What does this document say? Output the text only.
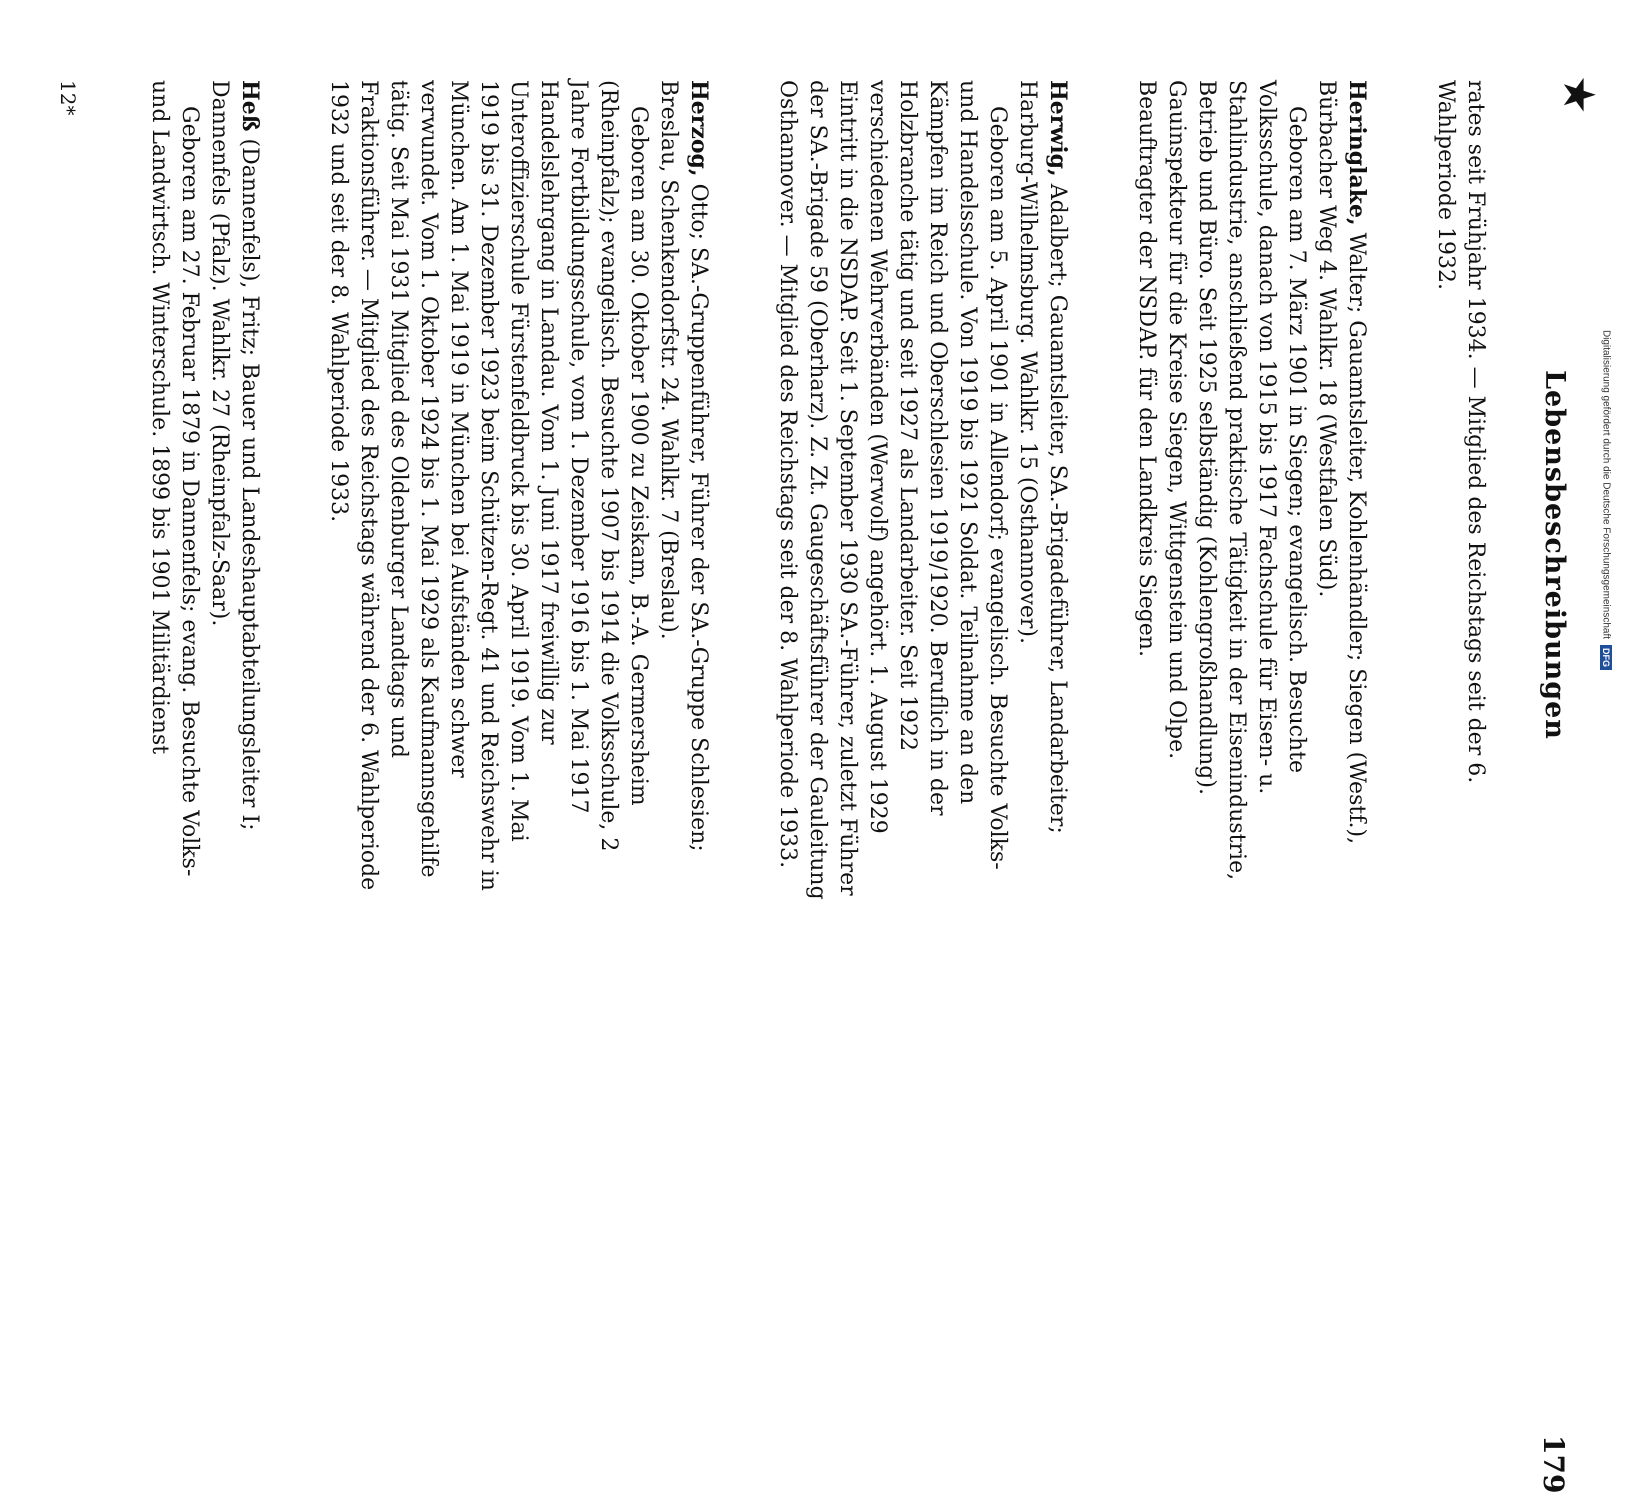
★
Lebensbeschreibungen
179

rates seit Frühjahr 1934. — Mitglied des Reichstags seit der 6. Wahlperiode 1932.

Heringlake, Walter; Gauamtsleiter, Kohlenhändler; Siegen (Westf.), Bürbacher Weg 4. Wahlkr. 18 (Westfalen Süd).

Geboren am 7. März 1901 in Siegen; evangelisch. Besuchte Volksschule, danach von 1915 bis 1917 Fachschule für Eisen- u. Stahlindustrie, anschließend praktische Tätigkeit in der Eisenindustrie, Betrieb und Büro. Seit 1925 selbständig (Kohlengroßhandlung). Gauinspekteur für die Kreise Siegen, Wittgenstein und Olpe. Beauftragter der NSDAP. für den Landkreis Siegen.

Herwig, Adalbert; Gauamtsleiter, SA.-Brigadeführer, Landarbeiter; Harburg-Wilhelmsburg. Wahlkr. 15 (Osthannover).

Geboren am 5. April 1901 in Allendorf; evangelisch. Besuchte Volks- und Handelsschule. Von 1919 bis 1921 Soldat. Teilnahme an den Kämpfen im Reich und Oberschlesien 1919/1920. Beruflich in der Holzbranche tätig und seit 1927 als Landarbeiter. Seit 1922 verschiedenen Wehrverbänden (Werwolf) angehört. 1. August 1929 Eintritt in die NSDAP. Seit 1. September 1930 SA.-Führer, zuletzt Führer der SA.-Brigade 59 (Oberharz). Z. Zt. Gaugeschäftsführer der Gauleitung Osthannover. — Mitglied des Reichstags seit der 8. Wahlperiode 1933.

Herzog, Otto; SA.-Gruppenführer, Führer der SA.-Gruppe Schlesien; Breslau, Schenkendorfstr. 24. Wahlkr. 7 (Breslau).

Geboren am 30. Oktober 1900 zu Zeiskam, B.-A. Germersheim (Rheinpfalz); evangelisch. Besuchte 1907 bis 1914 die Volksschule, 2 Jahre Fortbildungsschule, vom 1. Dezember 1916 bis 1. Mai 1917 Handelslehrgang in Landau. Vom 1. Juni 1917 freiwillig zur Unteroffizierschule Fürstenfeldbruck bis 30. April 1919. Vom 1. Mai 1919 bis 31. Dezember 1923 beim Schützen-Regt. 41 und Reichswehr in München. Am 1. Mai 1919 in München bei Aufständen schwer verwundet. Vom 1. Oktober 1924 bis 1. Mai 1929 als Kaufmannsgehilfe tätig. Seit Mai 1931 Mitglied des Oldenburger Landtags und Fraktionsführer. — Mitglied des Reichstags während der 6. Wahlperiode 1932 und seit der 8. Wahlperiode 1933.

Heß (Dannenfels), Fritz; Bauer und Landeshauptabteilungsleiter I; Dannenfels (Pfalz). Wahlkr. 27 (Rheinpfalz-Saar).

Geboren am 27. Februar 1879 in Dannenfels; evang. Besuchte Volks- und Landwirtsch. Winterschule. 1899 bis 1901 Militärdienst

12*
Digitalisierung gefördert durch die Deutsche ForschungsgemeinschaftDFG
